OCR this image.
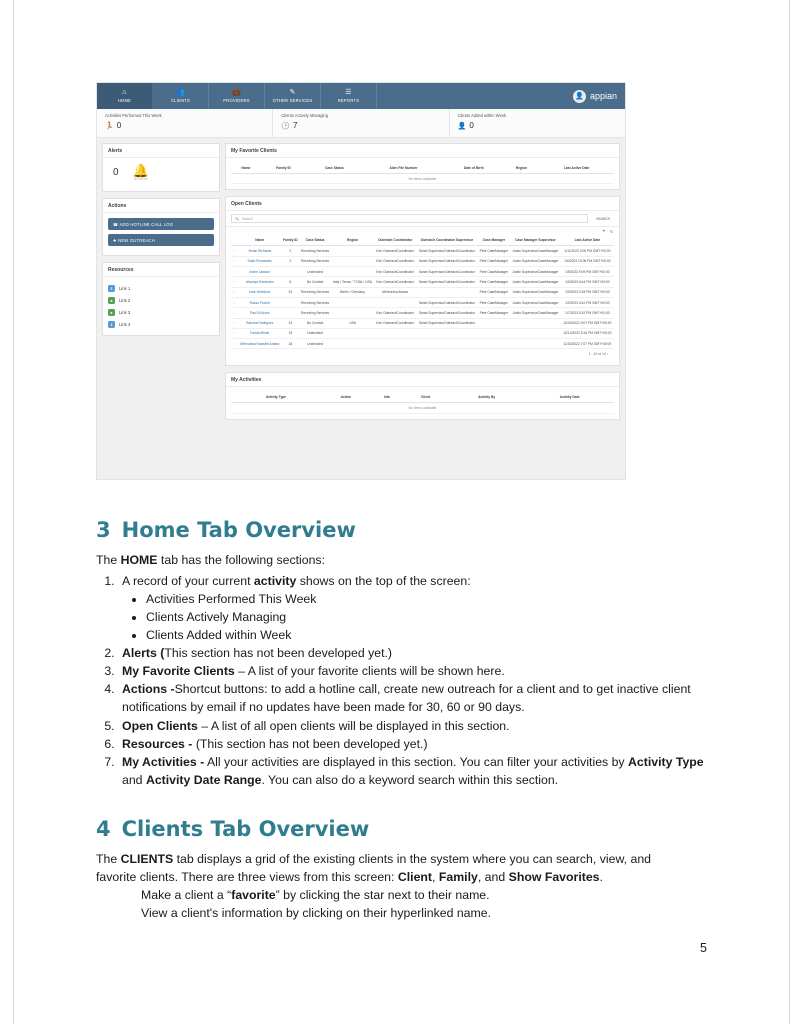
⌂
HOME
👥
CLIENTS
💼
PROVIDERS
✎
OTHER SERVICES
☰
REPORTS
👤 appian
Activities Performed This Week
🏃 0
Clients Actively Managing
🕑 7
Clients Added within Week
👤 0
Alerts
0 🔔
No Alerts
Actions
☎ ADD HOTLINE CALL LOG
✚ NEW OUTREACH
Resources
⇓	Link 1
●	Link 2
●	Link 3
⇓	Link 4
My Favorite Clients
Name	Family ID	Case Status	Alien File Number	Date of Birth	Region	Last Active Date
No items available
Open Clients
🔍 Search	SEARCH
▼ ↻
	Name	Family ID	Case Status	Region	Outreach Coordinator	Outreach Coordinator Supervisor	Case Manager	Case Manager Supervisor	Last Active Date
☆	Vivian Richards	2	Receiving Services		Kim OutreachCoordinator	Sarah SupervisorOutreachCoordinator	Pete CaseManager	Justin SupervisorCaseManager	1/11/2023 3:05 PM GMT+00:00
☆	Dalia Fernandes	2	Receiving Services		Kim OutreachCoordinator	Sarah SupervisorOutreachCoordinator	Pete CaseManager	Justin SupervisorCaseManager	1/6/2023 10:06 PM GMT+00:00
☆	Annie Lawson		Undecided		Kim OutreachCoordinator	Sarah SupervisorOutreachCoordinator	Pete CaseManager	Justin SupervisorCaseManager	1/9/2023 9:09 PM GMT+00:00
☆	viktoriya Svetmaim	6	No Contact	Italy / Texas / 77494 / USA	Kim OutreachCoordinator	Sarah SupervisorOutreachCoordinator	Pete CaseManager	Justin SupervisorCaseManager	1/9/2023 8:44 PM GMT+00:00
☆	Uwe Helmholz	24	Receiving Services	Berlin / Germany	Mehrunisa Antara		Pete CaseManager	Justin SupervisorCaseManager	1/9/2023 9:18 PM GMT+00:00
☆	Russo Pochel		Receiving Services			Sarah SupervisorOutreachCoordinator	Pete CaseManager	Justin SupervisorCaseManager	1/9/2023 5:42 PM GMT+00:00
☆	Paul St Annis		Receiving Services		Kim OutreachCoordinator	Sarah SupervisorOutreachCoordinator	Pete CaseManager	Justin SupervisorCaseManager	1/7/2023 5:22 PM GMT+00:00
☆	Sabrina Rodriguez	12	No Contact	USA	Kim OutreachCoordinator	Sarah SupervisorOutreachCoordinator			12/20/2022 9:07 PM GMT+00:00
☆	Farida Mimin	19	Undecided						12/14/2022 5:16 PM GMT+00:00
☆	Mehrunisa Hasnath Antara	18	Undecided						11/30/2022 7:07 PM GMT+00:00
1 - 10 of 14 ›
My Activities
Activity Type	Action	Info	Client	Activity By	Activity Date
No items available
3 Home Tab Overview
The HOME tab has the following sections:
1. A record of your current activity shows on the top of the screen:
• Activities Performed This Week
• Clients Actively Managing
• Clients Added within Week
2. Alerts (This section has not been developed yet.)
3. My Favorite Clients – A list of your favorite clients will be shown here.
4. Actions -Shortcut buttons: to add a hotline call, create new outreach for a client and to get inactive client notifications by email if no updates have been made for 30, 60 or 90 days.
5. Open Clients – A list of all open clients will be displayed in this section.
6. Resources - (This section has not been developed yet.)
7. My Activities - All your activities are displayed in this section. You can filter your activities by Activity Type and Activity Date Range. You can also do a keyword search within this section.
4 Clients Tab Overview
The CLIENTS tab displays a grid of the existing clients in the system where you can search, view, and favorite clients. There are three views from this screen: Client, Family, and Show Favorites.
Make a client a “favorite” by clicking the star next to their name.
View a client's information by clicking on their hyperlinked name.
5
